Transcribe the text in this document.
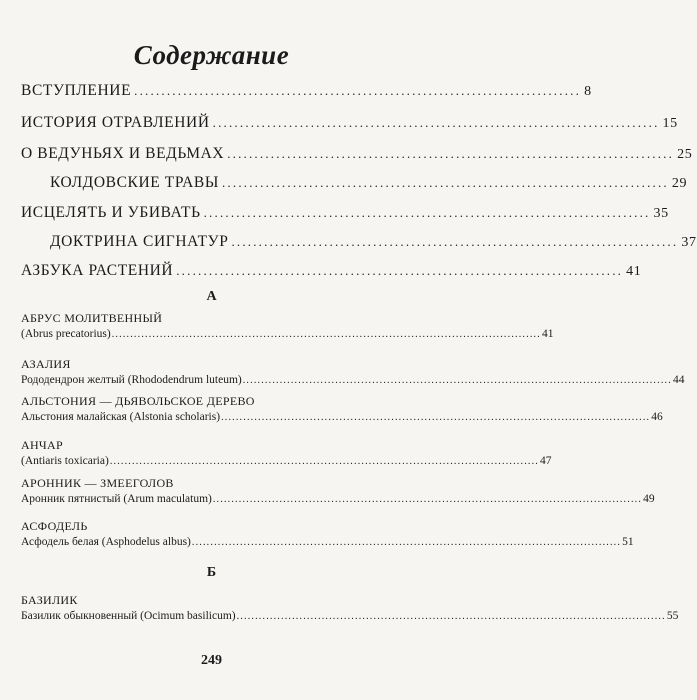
Содержание
ВСТУПЛЕНИЕ .................................................................................. 8
ИСТОРИЯ ОТРАВЛЕНИЙ .................................................................................. 15
О ВЕДУНЬЯХ И ВЕДЬМАХ .................................................................................. 25
КОЛДОВСКИЕ ТРАВЫ .................................................................................. 29
ИСЦЕЛЯТЬ И УБИВАТЬ .................................................................................. 35
ДОКТРИНА СИГНАТУР .................................................................................. 37
АЗБУКА РАСТЕНИЙ .................................................................................. 41
А
АБРУС МОЛИТВЕННЫЙ
(Abrus precatorius) .................................................................................................................... 41
АЗАЛИЯ
Рододендрон желтый (Rhododendrum luteum) .................................................................................................................... 44
АЛЬСТОНИЯ — ДЬЯВОЛЬСКОЕ ДЕРЕВО
Альстония малайская (Alstonia scholaris) .................................................................................................................... 46
АНЧАР
(Antiaris toxicaria) .................................................................................................................... 47
АРОННИК — ЗМЕЕГОЛОВ
Аронник пятнистый (Arum maculatum) .................................................................................................................... 49
АСФОДЕЛЬ
Асфодель белая (Asphodelus albus) .................................................................................................................... 51
Б
БАЗИЛИК
Базилик обыкновенный (Ocimum basilicum) .................................................................................................................... 55
249
